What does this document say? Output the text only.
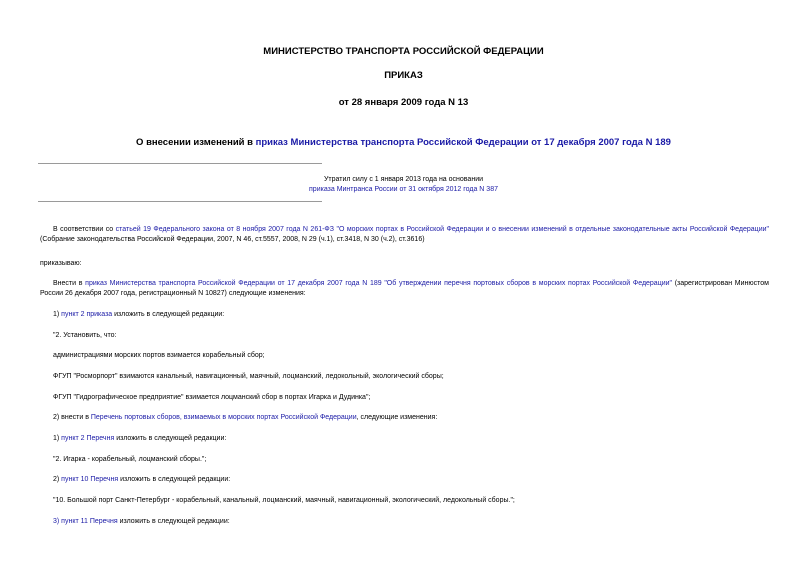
МИНИСТЕРСТВО ТРАНСПОРТА РОССИЙСКОЙ ФЕДЕРАЦИИ
ПРИКАЗ
от 28 января 2009 года N 13
О внесении изменений в приказ Министерства транспорта Российской Федерации от 17 декабря 2007 года N 189
Утратил силу с 1 января 2013 года на основании
приказа Минтранса России от 31 октября 2012 года N 387
В соответствии со статьей 19 Федерального закона от 8 ноября 2007 года N 261-ФЗ "О морских портах в Российской Федерации и о внесении изменений в отдельные законодательные акты Российской Федерации" (Собрание законодательства Российской Федерации, 2007, N 46, ст.5557, 2008, N 29 (ч.1), ст.3418, N 30 (ч.2), ст.3616)
приказываю:
Внести в приказ Министерства транспорта Российской Федерации от 17 декабря 2007 года N 189 "Об утверждении перечня портовых сборов в морских портах Российской Федерации" (зарегистрирован Минюстом России 26 декабря 2007 года, регистрационный N 10827) следующие изменения:
1) пункт 2 приказа изложить в следующей редакции:
"2. Установить, что:
администрациями морских портов взимается корабельный сбор;
ФГУП "Росморпорт" взимаются канальный, навигационный, маячный, лоцманский, ледокольный, экологический сборы;
ФГУП "Гидрографическое предприятие" взимается лоцманский сбор в портах Игарка и Дудинка";
2) внести в Перечень портовых сборов, взимаемых в морских портах Российской Федерации, следующие изменения:
1) пункт 2 Перечня изложить в следующей редакции:
"2. Игарка - корабельный, лоцманский сборы.";
2) пункт 10 Перечня изложить в следующей редакции:
"10. Большой порт Санкт-Петербург - корабельный, канальный, лоцманский, маячный, навигационный, экологический, ледокольный сборы.";
3) пункт 11 Перечня изложить в следующей редакции:
